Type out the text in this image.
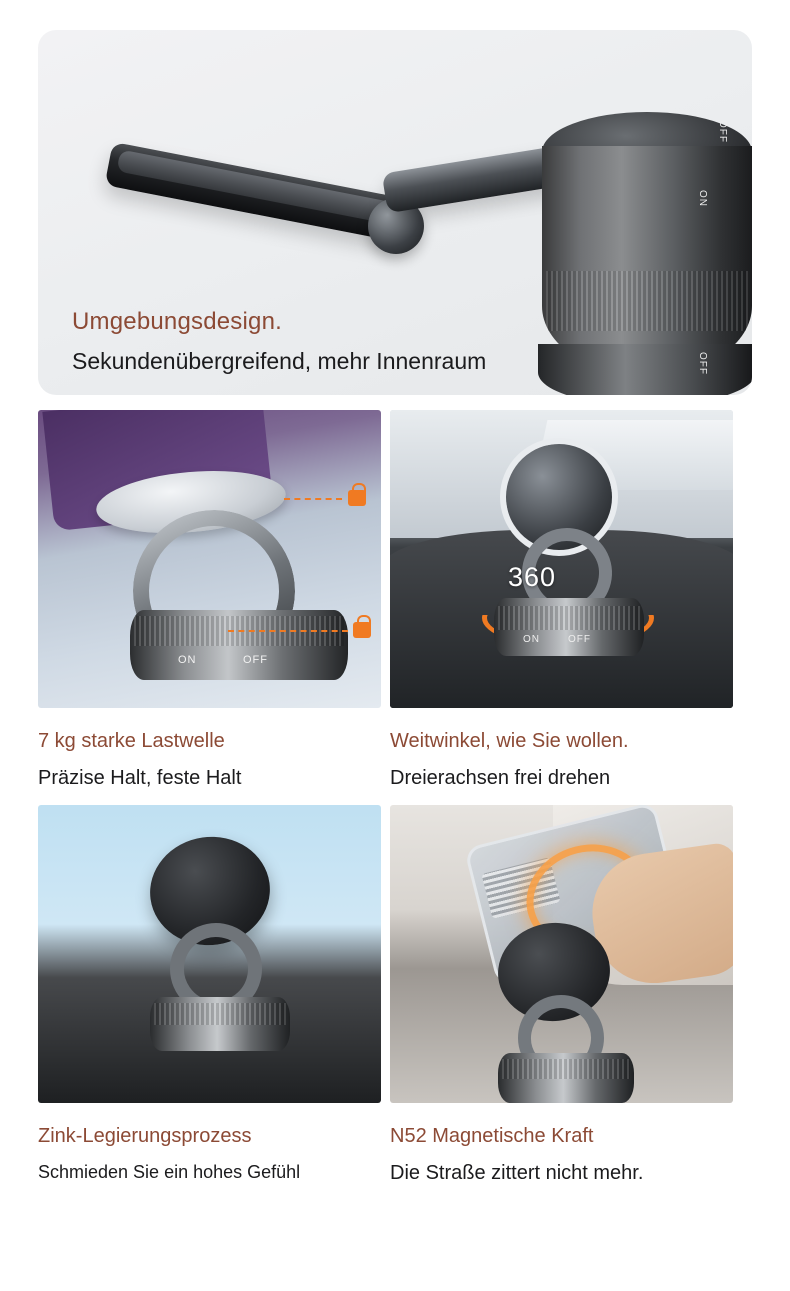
OFF
ON
OFF
Umgebungsdesign.
Sekundenübergreifend, mehr Innenraum
ON	OFF
7 kg starke Lastwelle
Präzise Halt, feste Halt
ON	OFF
360
Weitwinkel, wie Sie wollen.
Dreierachsen frei drehen
Zink-Legierungsprozess
Schmieden Sie ein hohes Gefühl
N52 Magnetische Kraft
Die Straße zittert nicht mehr.
